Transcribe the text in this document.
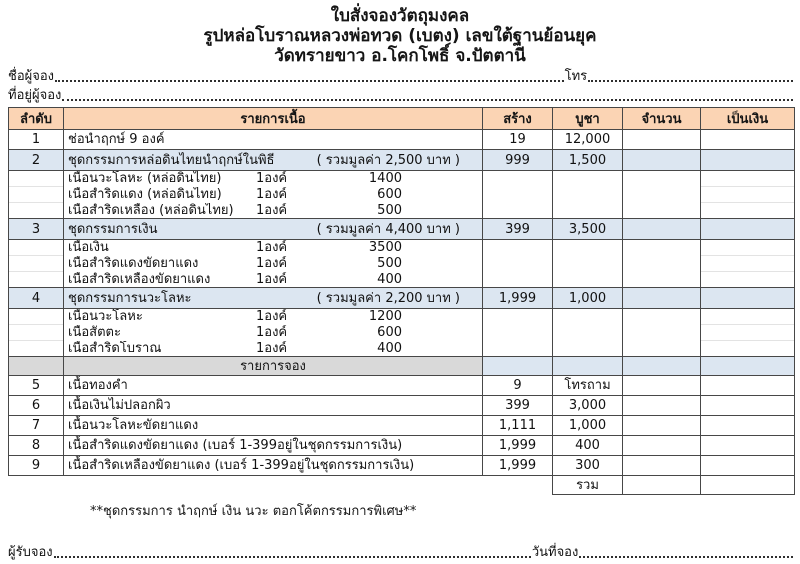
ใบสั่งจองวัตถุมงคล
รูปหล่อโบราณหลวงพ่อทวด (เบตง) เลขใต้ฐานย้อนยุค
วัดทรายขาว อ.โคกโพธิ์ จ.ปัตตานี
ชื่อผู้จอง	โทร
ที่อยู่ผู้จอง
ลำดับ	รายการเนื้อ	สร้าง	บูชา	จำนวน	เป็นเงิน
1	ช่อนำฤกษ์ 9 องค์	19	12,000		
2	ชุดกรรมการหล่อดินไทยนำฤกษ์ในพิธี ( รวมมูลค่า 2,500 บาท )	999	1,500		
	เนื้อนวะโลหะ (หล่อดินไทย) 1องค์ 1400				

	เนื้อสำริดแดง (หล่อดินไทย) 1องค์ 600				

	เนื้อสำริดเหลือง (หล่อดินไทย) 1องค์ 500				

3	ชุดกรรมการเงิน ( รวมมูลค่า 4,400 บาท )	399	3,500		
	เนื้อเงิน 1องค์ 3500				

	เนื้อสำริดแดงขัดยาแดง 1องค์ 500				

	เนื้อสำริดเหลืองขัดยาแดง 1องค์ 400				

4	ชุดกรรมการนวะโลหะ ( รวมมูลค่า 2,200 บาท )	1,999	1,000		
	เนื้อนวะโลหะ 1องค์ 1200				

	เนื้อสัตตะ 1องค์ 600				

	เนื้อสำริดโบราณ 1องค์ 400				

	รายการจอง				
5	เนื้อทองคำ	9	โทรถาม		
6	เนื้อเงินไม่ปลอกผิว	399	3,000		
7	เนื้อนวะโลหะขัดยาแดง	1,111	1,000		
8	เนื้อสำริดแดงขัดยาแดง (เบอร์ 1-399อยู่ในชุดกรรมการเงิน)	1,999	400		
9	เนื้อสำริดเหลืองขัดยาแดง (เบอร์ 1-399อยู่ในชุดกรรมการเงิน)	1,999	300		
			รวม		
**ชุดกรรมการ นำฤกษ์ เงิน นวะ ตอกโค้ตกรรมการพิเศษ**
ผู้รับจอง	วันที่จอง
